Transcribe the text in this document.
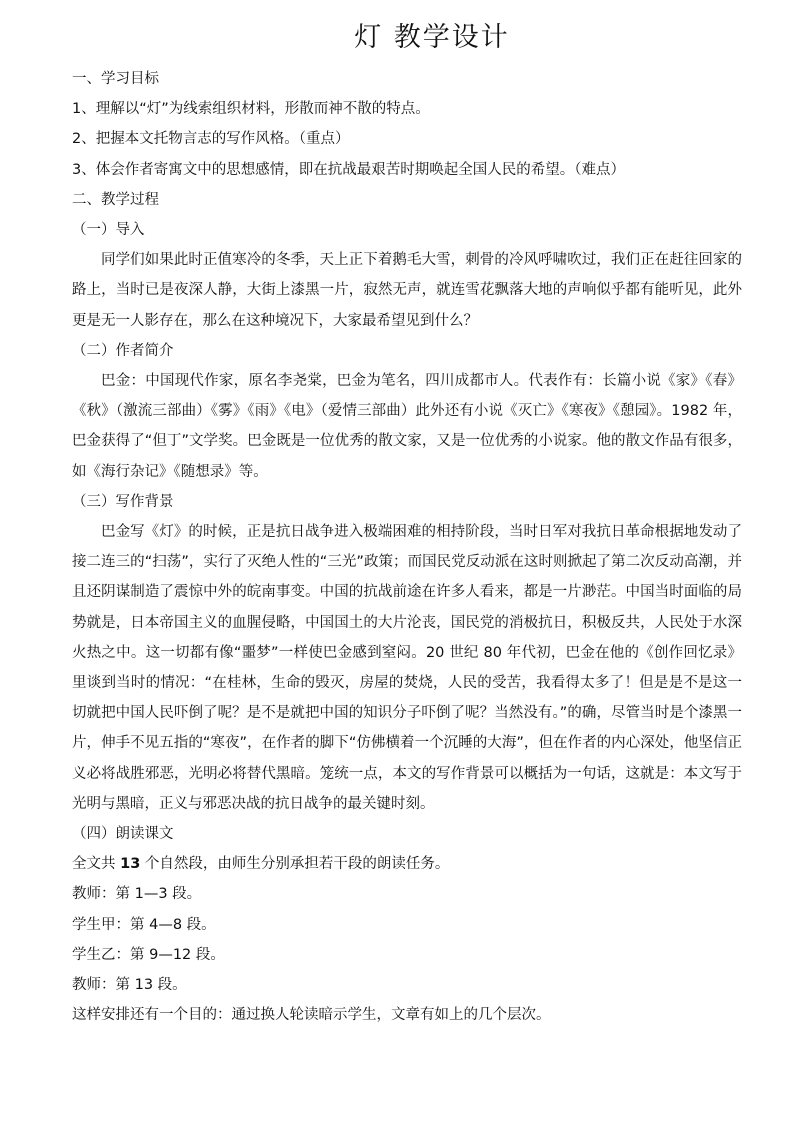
灯 教学设计

一、学习目标

1、理解以“灯”为线索组织材料，形散而神不散的特点。

2、把握本文托物言志的写作风格。（重点）

3、体会作者寄寓文中的思想感情，即在抗战最艰苦时期唤起全国人民的希望。（难点）

二、教学过程

（一）导入

同学们如果此时正值寒冷的冬季，天上正下着鹅毛大雪，刺骨的冷风呼啸吹过，我们正在赶往回家的路上，当时已是夜深人静，大街上漆黑一片，寂然无声，就连雪花飘落大地的声响似乎都有能听见，此外更是无一人影存在，那么在这种境况下，大家最希望见到什么？

（二）作者简介

巴金：中国现代作家，原名李尧棠，巴金为笔名，四川成都市人。代表作有：长篇小说《家》《春》《秋》（激流三部曲）《雾》《雨》《电》（爱情三部曲）此外还有小说《灭亡》《寒夜》《憩园》。1982 年，巴金获得了“但丁”文学奖。巴金既是一位优秀的散文家，又是一位优秀的小说家。他的散文作品有很多，如《海行杂记》《随想录》等。

（三）写作背景

巴金写《灯》的时候，正是抗日战争进入极端困难的相持阶段，当时日军对我抗日革命根据地发动了接二连三的“扫荡”，实行了灭绝人性的“三光”政策；而国民党反动派在这时则掀起了第二次反动高潮，并且还阴谋制造了震惊中外的皖南事变。中国的抗战前途在许多人看来，都是一片渺茫。中国当时面临的局势就是，日本帝国主义的血腥侵略，中国国土的大片沦丧，国民党的消极抗日，积极反共，人民处于水深火热之中。这一切都有像“噩梦”一样使巴金感到窒闷。20 世纪 80 年代初，巴金在他的《创作回忆录》里谈到当时的情况：“在桂林，生命的毁灭，房屋的焚烧，人民的受苦，我看得太多了！但是是不是这一切就把中国人民吓倒了呢？是不是就把中国的知识分子吓倒了呢？当然没有。”的确，尽管当时是个漆黑一片，伸手不见五指的“寒夜”，在作者的脚下“仿佛横着一个沉睡的大海”，但在作者的内心深处，他坚信正义必将战胜邪恶，光明必将替代黑暗。笼统一点，本文的写作背景可以概括为一句话，这就是：本文写于光明与黑暗，正义与邪恶决战的抗日战争的最关键时刻。

（四）朗读课文

全文共 13 个自然段，由师生分别承担若干段的朗读任务。

教师：第 1—3 段。

学生甲：第 4—8 段。

学生乙：第 9—12 段。

教师：第 13 段。

这样安排还有一个目的：通过换人轮读暗示学生，文章有如上的几个层次。
